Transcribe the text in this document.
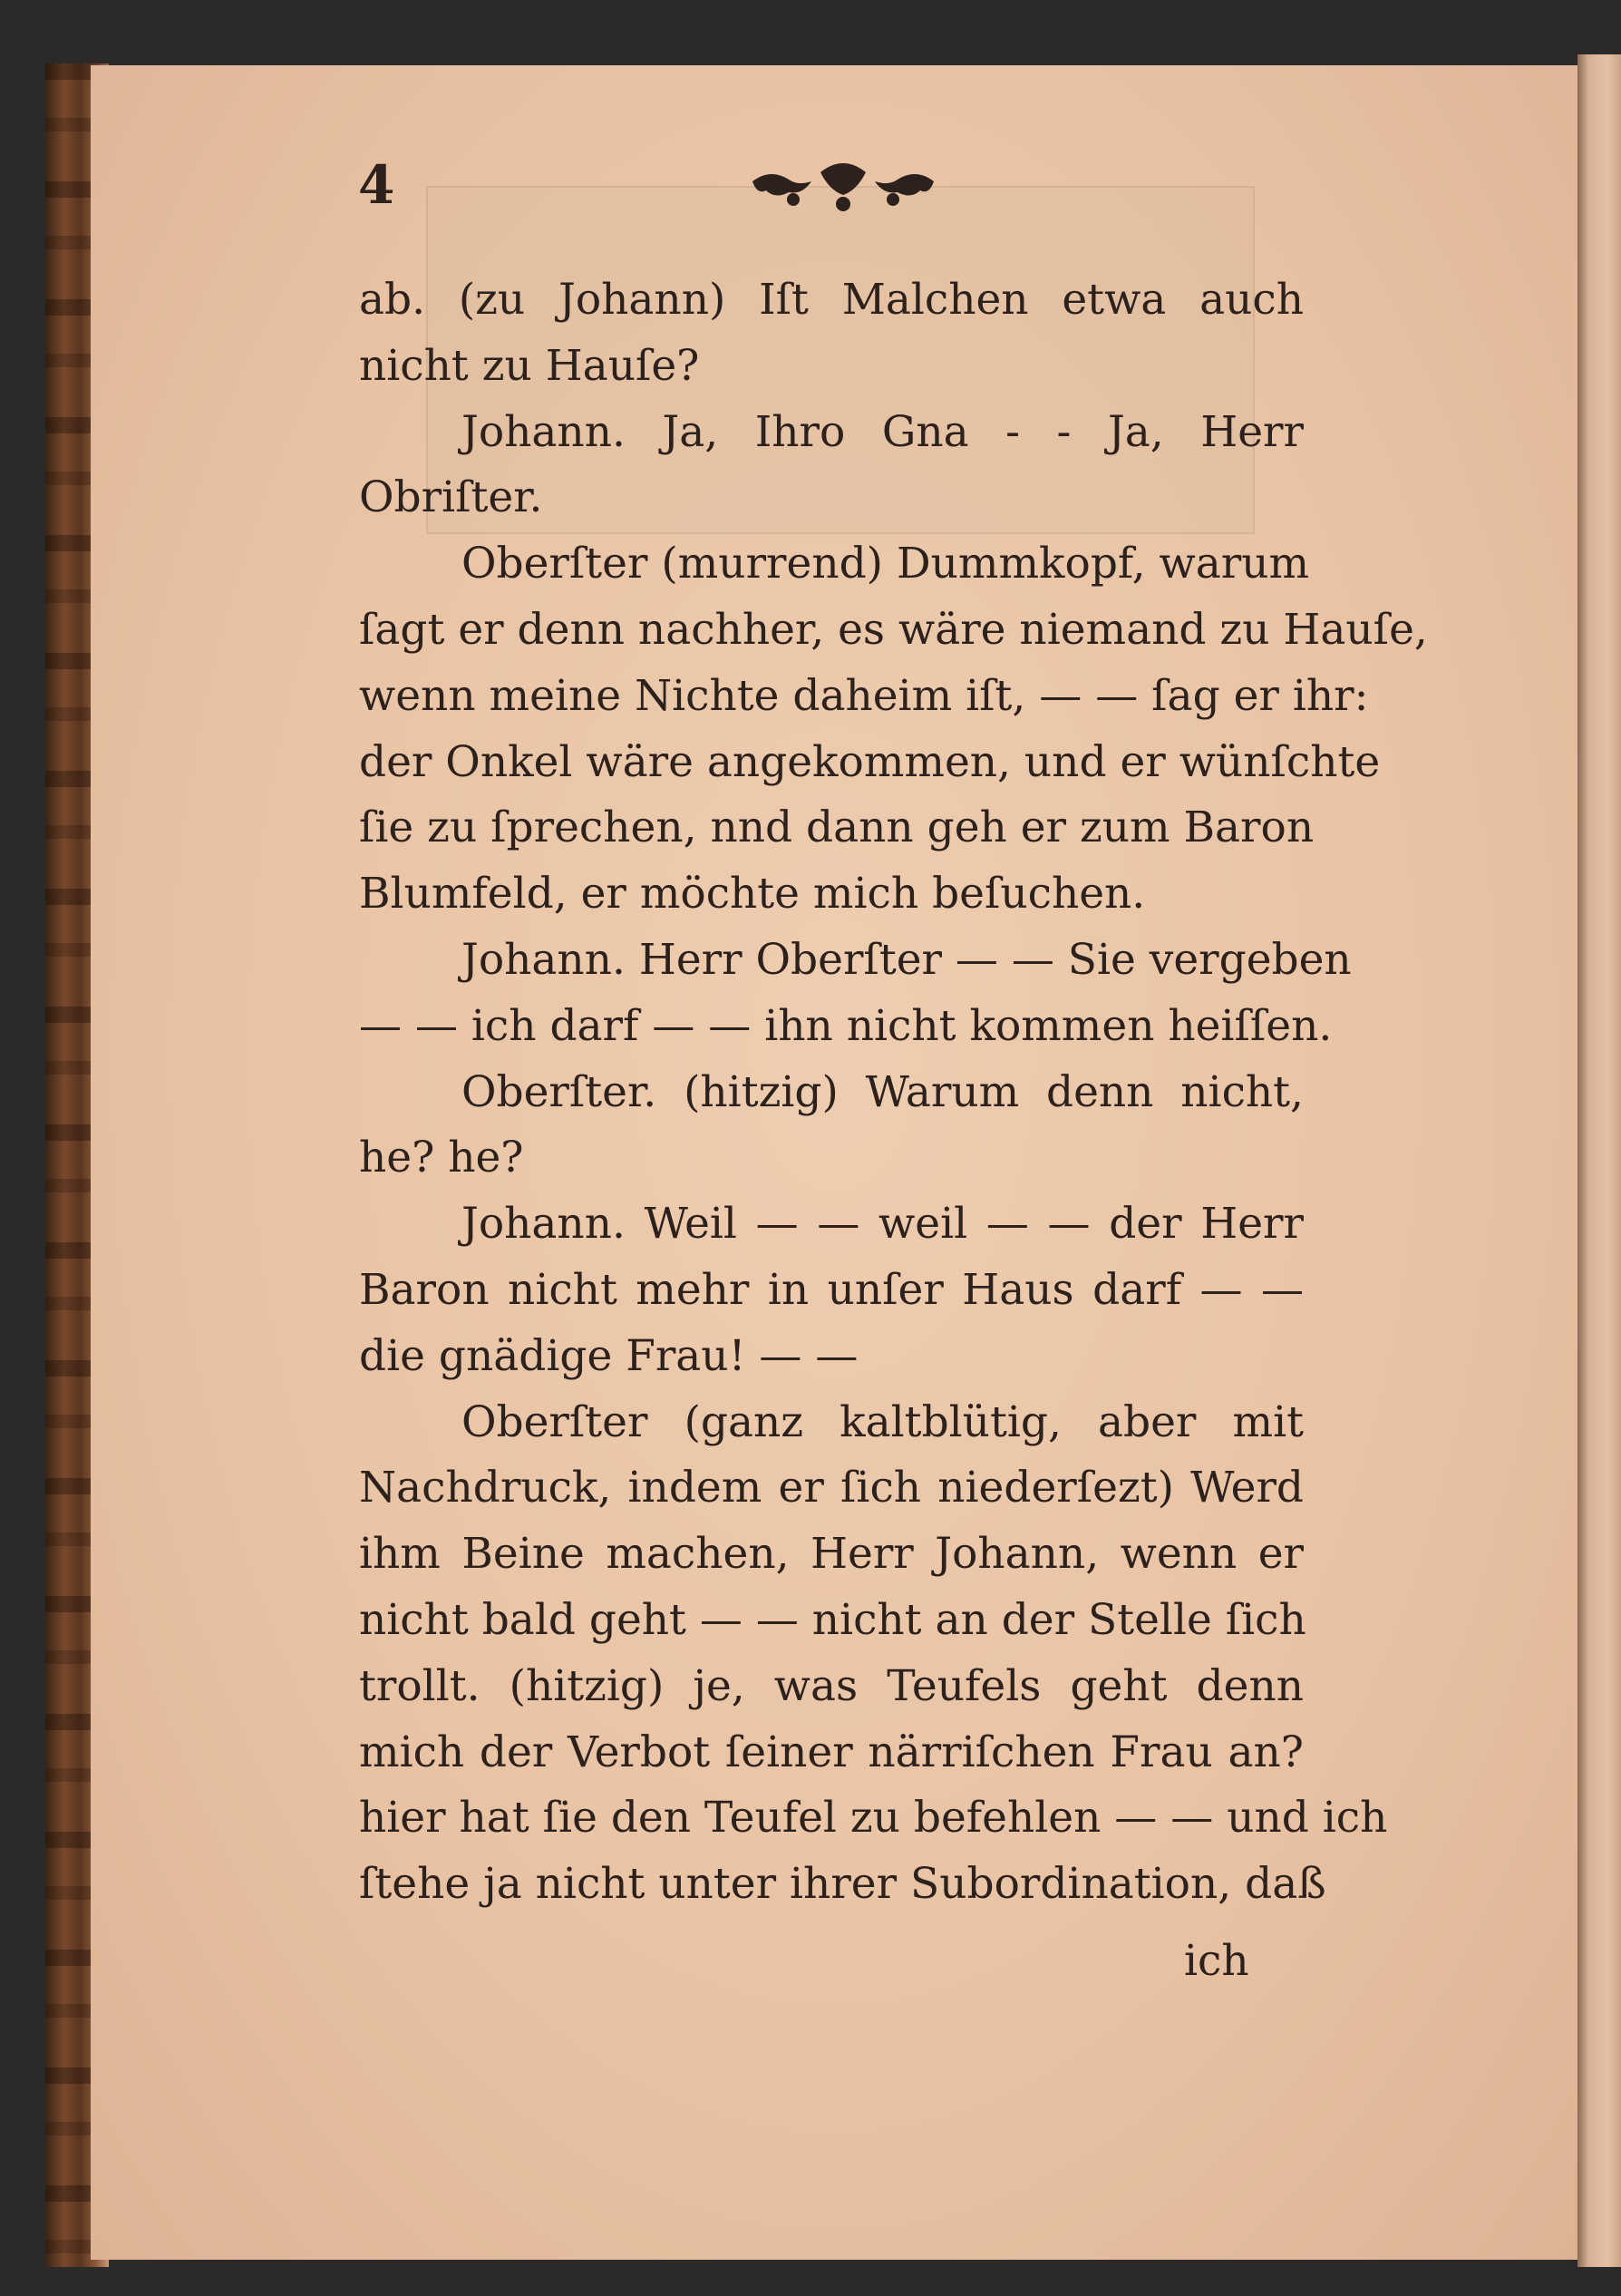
4
ab. (zu Johann) Iſt Malchen etwa auch
nicht zu Hauſe?
Johann. Ja, Ihro Gna - - Ja, Herr
Obriſter.
Oberſter (murrend) Dummkopf, warum
ſagt er denn nachher, es wäre niemand zu Hauſe,
wenn meine Nichte daheim iſt, — — ſag er ihr:
der Onkel wäre angekommen, und er wünſchte
ſie zu ſprechen, nnd dann geh er zum Baron
Blumfeld, er möchte mich beſuchen.
Johann. Herr Oberſter — — Sie vergeben
— — ich darf — — ihn nicht kommen heiſſen.
Oberſter. (hitzig) Warum denn nicht,
he? he?
Johann. Weil — — weil — — der Herr
Baron nicht mehr in unſer Haus darf — —
die gnädige Frau! — —
Oberſter (ganz kaltblütig, aber mit
Nachdruck, indem er ſich niederſezt) Werd
ihm Beine machen, Herr Johann, wenn er
nicht bald geht — — nicht an der Stelle ſich
trollt. (hitzig) je, was Teufels geht denn
mich der Verbot ſeiner närriſchen Frau an?
hier hat ſie den Teufel zu befehlen — — und ich
ſtehe ja nicht unter ihrer Subordination, daß
ich
